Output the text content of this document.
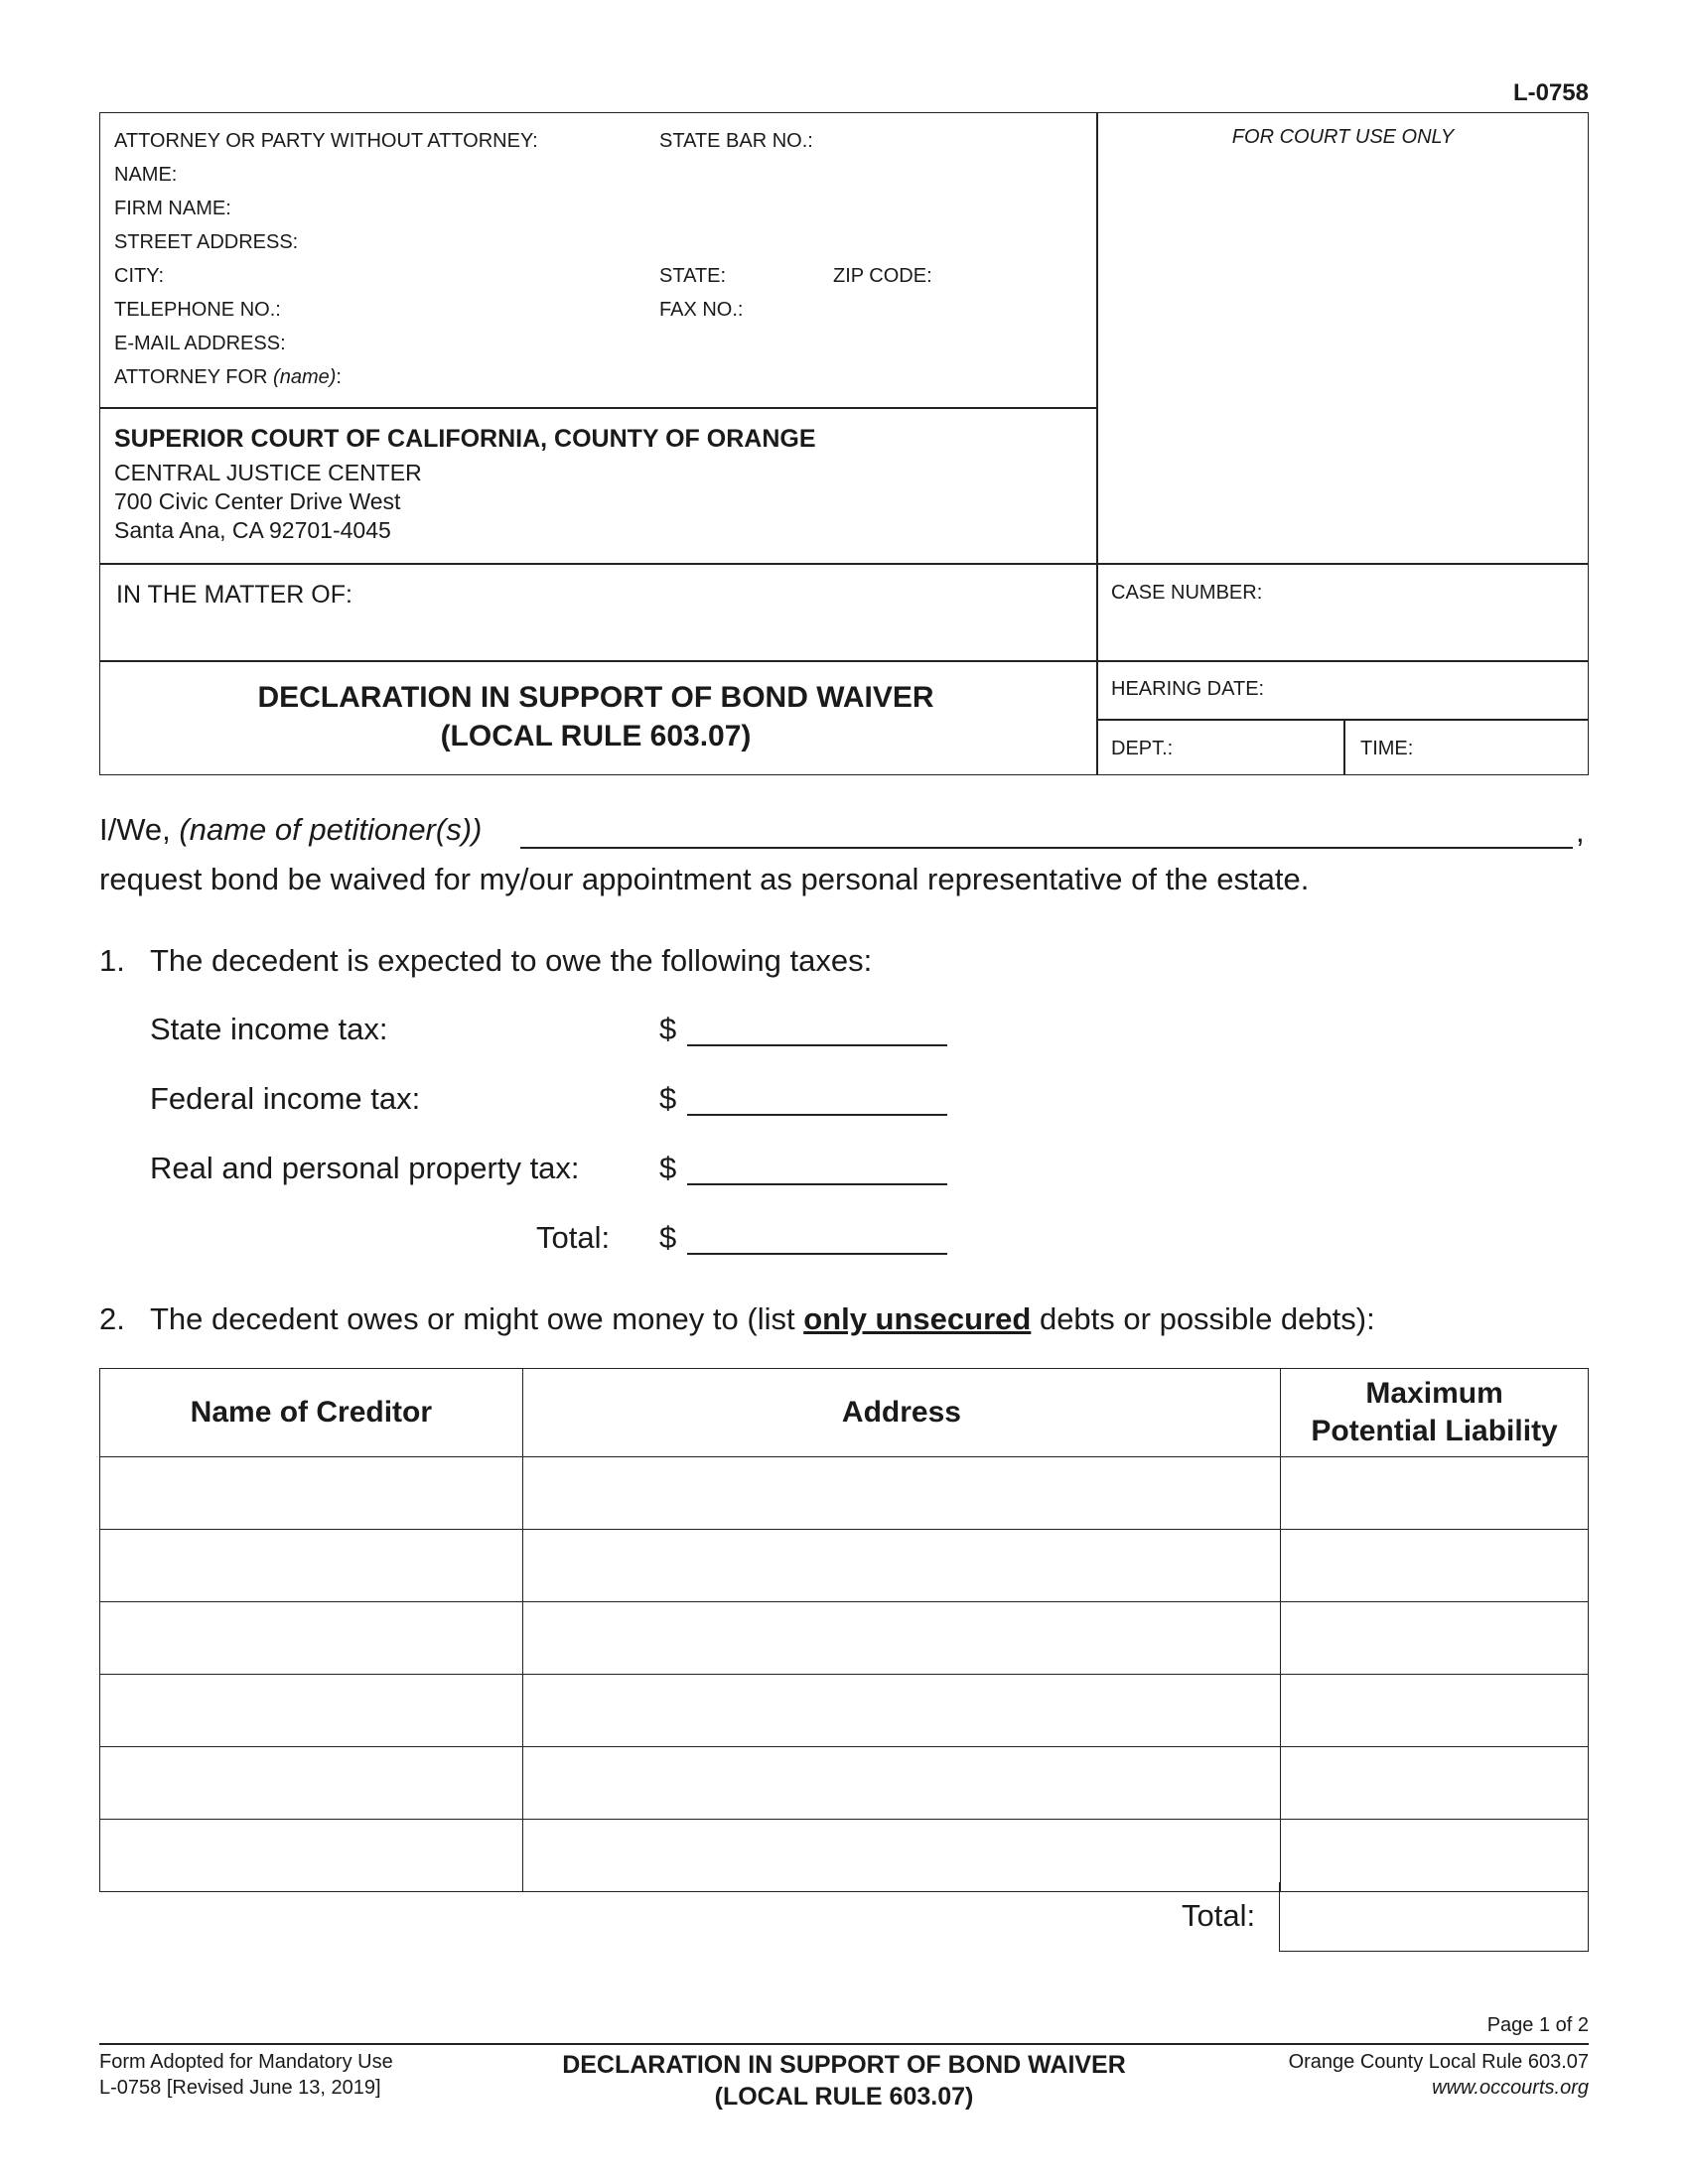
L-0758
ATTORNEY OR PARTY WITHOUT ATTORNEY:
NAME:
FIRM NAME:
STREET ADDRESS:
CITY:
TELEPHONE NO.:
E-MAIL ADDRESS:
ATTORNEY FOR (name):
STATE BAR NO.:
STATE:	ZIP CODE:
FAX NO.:
FOR COURT USE ONLY
SUPERIOR COURT OF CALIFORNIA, COUNTY OF ORANGE
CENTRAL JUSTICE CENTER
700 Civic Center Drive West
Santa Ana, CA 92701-4045
IN THE MATTER OF:	CASE NUMBER:
DECLARATION IN SUPPORT OF BOND WAIVER
(LOCAL RULE 603.07)
HEARING DATE:
DEPT.:	TIME:
I/We, (name of petitioner(s))	,
request bond be waived for my/our appointment as personal representative of the estate.
1. The decedent is expected to owe the following taxes:
State income tax:	$
Federal income tax:	$
Real and personal property tax:	$
Total: $
2. The decedent owes or might owe money to (list only unsecured debts or possible debts):
Name of Creditor	Address	Maximum
Potential Liability

Total:
Page 1 of 2
Form Adopted for Mandatory Use
L-0758 [Revised June 13, 2019]
DECLARATION IN SUPPORT OF BOND WAIVER
(LOCAL RULE 603.07)
Orange County Local Rule 603.07
www.occourts.org
